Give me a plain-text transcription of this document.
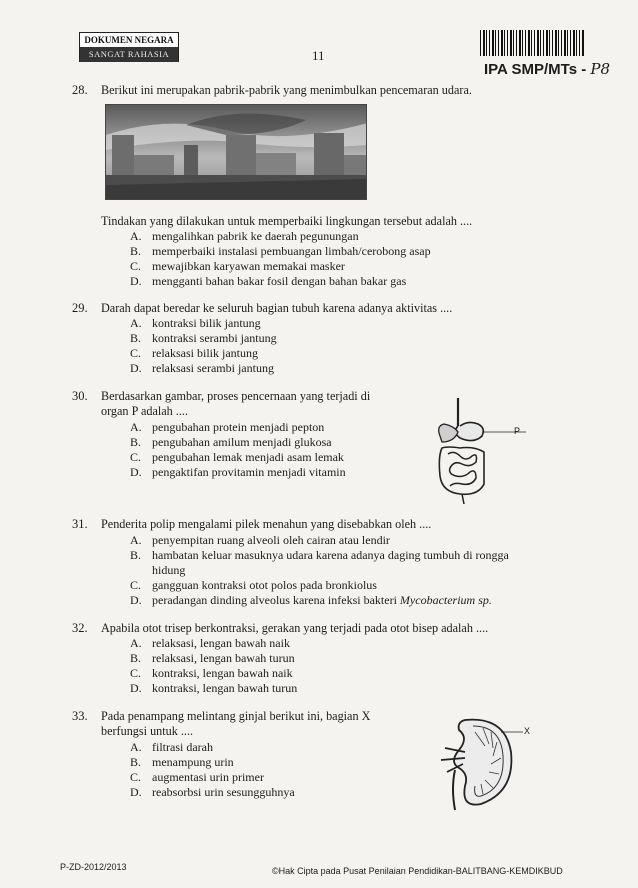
DOKUMEN NEGARA
SANGAT RAHASIA	11
IPA SMP/MTs - P8
28. Berikut ini merupakan pabrik-pabrik yang menimbulkan pencemaran udara.
Tindakan yang dilakukan untuk memperbaiki lingkungan tersebut adalah ....
A. mengalihkan pabrik ke daerah pegunungan
B. memperbaiki instalasi pembuangan limbah/cerobong asap
C. mewajibkan karyawan memakai masker
D. mengganti bahan bakar fosil dengan bahan bakar gas
29. Darah dapat beredar ke seluruh bagian tubuh karena adanya aktivitas ....
A. kontraksi bilik jantung
B. kontraksi serambi jantung
C. relaksasi bilik jantung
D. relaksasi serambi jantung
30. Berdasarkan gambar, proses pencernaan yang terjadi di
organ P adalah ....
A. pengubahan protein menjadi pepton
B. pengubahan amilum menjadi glukosa
C. pengubahan lemak menjadi asam lemak
D. pengaktifan provitamin menjadi vitamin
P
31. Penderita polip mengalami pilek menahun yang disebabkan oleh ....
A. penyempitan ruang alveoli oleh cairan atau lendir
B. hambatan keluar masuknya udara karena adanya daging tumbuh di rongga
hidung
C. gangguan kontraksi otot polos pada bronkiolus
D. peradangan dinding alveolus karena infeksi bakteri Mycobacterium sp.
32. Apabila otot trisep berkontraksi, gerakan yang terjadi pada otot bisep adalah ....
A. relaksasi, lengan bawah naik
B. relaksasi, lengan bawah turun
C. kontraksi, lengan bawah naik
D. kontraksi, lengan bawah turun
33. Pada penampang melintang ginjal berikut ini, bagian X
berfungsi untuk ....
A. filtrasi darah
B. menampung urin
C. augmentasi urin primer
D. reabsorbsi urin sesungguhnya
X
P-ZD-2012/2013	©Hak Cipta pada Pusat Penilaian Pendidikan-BALITBANG-KEMDIKBUD
